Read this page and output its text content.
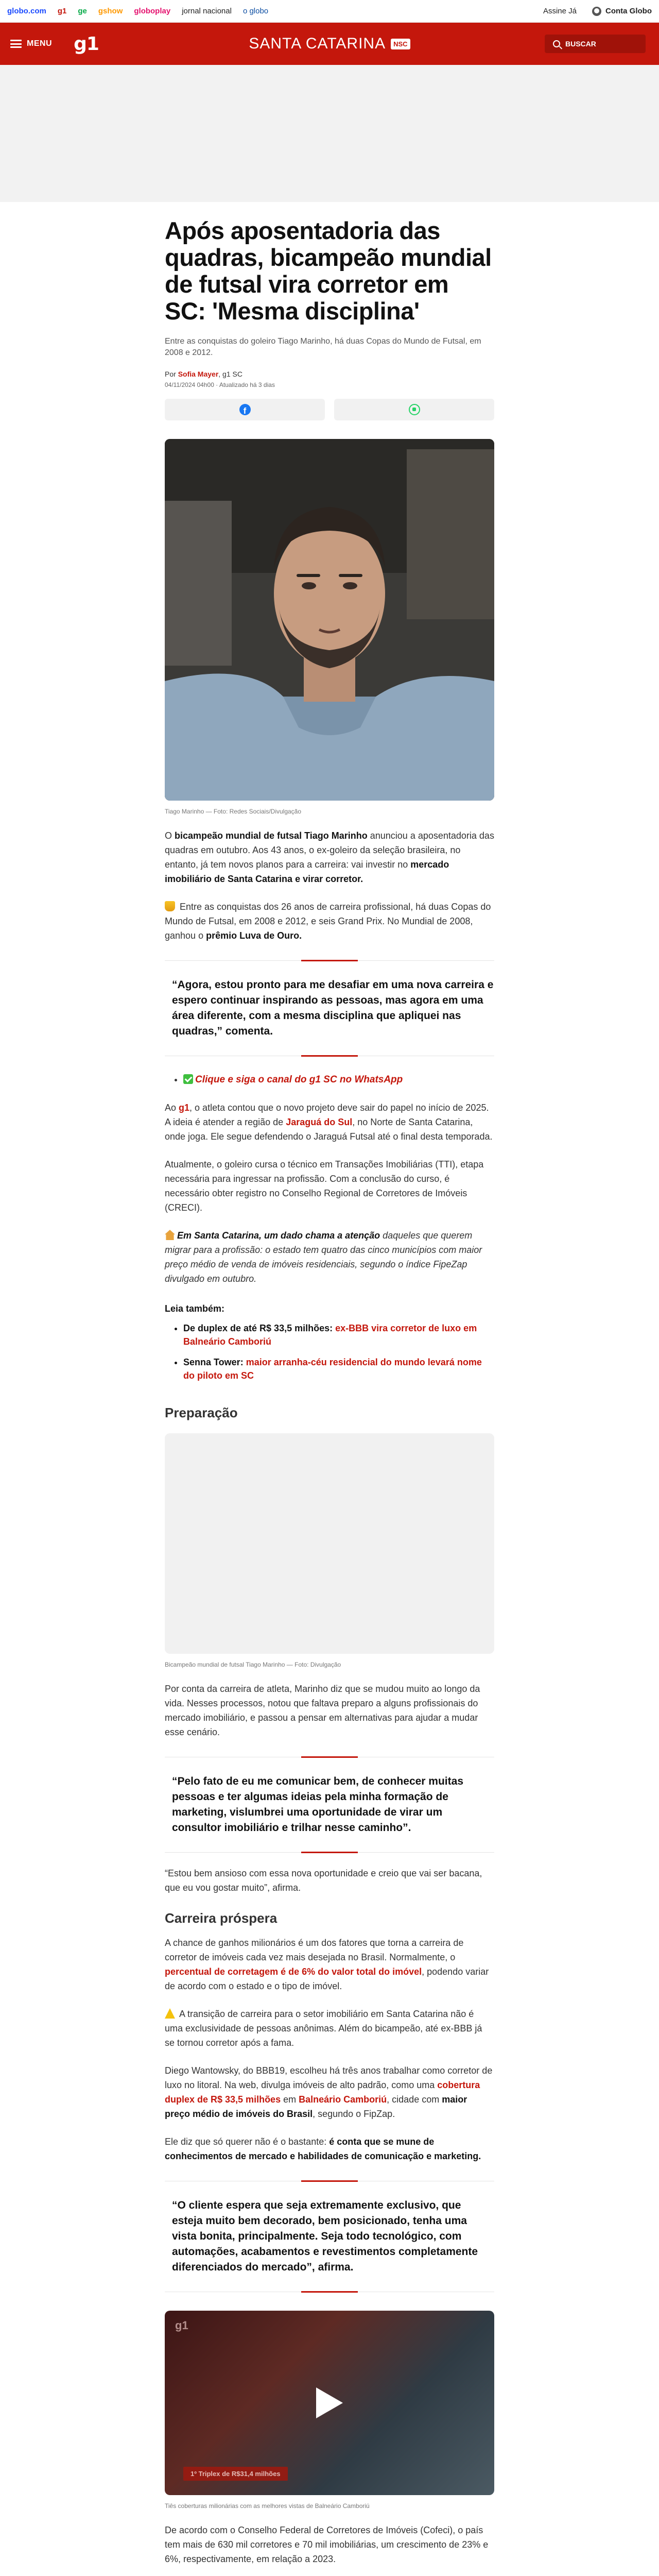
globo.com g1 ge gshow globoplay jornal nacional o globo	Assine Já	Conta Globo
MENU g1	SANTA CATARINA	NSC	BUSCAR
Após aposentadoria das quadras, bicampeão mundial de futsal vira corretor em SC: 'Mesma disciplina'

Entre as conquistas do goleiro Tiago Marinho, há duas Copas do Mundo de Futsal, em 2008 e 2012.

Por Sofia Mayer, g1 SC
04/11/2024 04h00 · Atualizado há 3 dias
f
Tiago Marinho — Foto: Redes Sociais/Divulgação

O bicampeão mundial de futsal Tiago Marinho anunciou a aposentadoria das quadras em outubro. Aos 43 anos, o ex-goleiro da seleção brasileira, no entanto, já tem novos planos para a carreira: vai investir no mercado imobiliário de Santa Catarina e virar corretor.

Entre as conquistas dos 26 anos de carreira profissional, há duas Copas do Mundo de Futsal, em 2008 e 2012, e seis Grand Prix. No Mundial de 2008, ganhou o prêmio Luva de Ouro.

“Agora, estou pronto para me desafiar em uma nova carreira e espero continuar inspirando as pessoas, mas agora em uma área diferente, com a mesma disciplina que apliquei nas quadras,” comenta.

• Clique e siga o canal do g1 SC no WhatsApp

Ao g1, o atleta contou que o novo projeto deve sair do papel no início de 2025. A ideia é atender a região de Jaraguá do Sul, no Norte de Santa Catarina, onde joga. Ele segue defendendo o Jaraguá Futsal até o final desta temporada.

Atualmente, o goleiro cursa o técnico em Transações Imobiliárias (TTI), etapa necessária para ingressar na profissão. Com a conclusão do curso, é necessário obter registro no Conselho Regional de Corretores de Imóveis (CRECI).

Em Santa Catarina, um dado chama a atenção daqueles que querem migrar para a profissão: o estado tem quatro das cinco municípios com maior preço médio de venda de imóveis residenciais, segundo o índice FipeZap divulgado em outubro.

Leia também:
• De duplex de até R$ 33,5 milhões: ex-BBB vira corretor de luxo em Balneário Camboriú
• Senna Tower: maior arranha-céu residencial do mundo levará nome do piloto em SC
Preparação
Bicampeão mundial de futsal Tiago Marinho — Foto: Divulgação

Por conta da carreira de atleta, Marinho diz que se mudou muito ao longo da vida. Nesses processos, notou que faltava preparo a alguns profissionais do mercado imobiliário, e passou a pensar em alternativas para ajudar a mudar esse cenário.

“Pelo fato de eu me comunicar bem, de conhecer muitas pessoas e ter algumas ideias pela minha formação de marketing, vislumbrei uma oportunidade de virar um consultor imobiliário e trilhar nesse caminho”.

“Estou bem ansioso com essa nova oportunidade e creio que vai ser bacana, que eu vou gostar muito”, afirma.

Carreira próspera

A chance de ganhos milionários é um dos fatores que torna a carreira de corretor de imóveis cada vez mais desejada no Brasil. Normalmente, o percentual de corretagem é de 6% do valor total do imóvel, podendo variar de acordo com o estado e o tipo de imóvel.

A transição de carreira para o setor imobiliário em Santa Catarina não é uma exclusividade de pessoas anônimas. Além do bicampeão, até ex-BBB já se tornou corretor após a fama.

Diego Wantowsky, do BBB19, escolheu há três anos trabalhar como corretor de luxo no litoral. Na web, divulga imóveis de alto padrão, como uma cobertura duplex de R$ 33,5 milhões em Balneário Camboriú, cidade com maior preço médio de imóveis do Brasil, segundo o FipZap.

Ele diz que só querer não é o bastante: é conta que se mune de conhecimentos de mercado e habilidades de comunicação e marketing.

“O cliente espera que seja extremamente exclusivo, que esteja muito bem decorado, bem posicionado, tenha uma vista bonita, principalmente. Seja todo tecnológico, com automações, acabamentos e revestimentos completamente diferenciados do mercado”, afirma.

g1
1º Triplex de R$31,4 milhões
Tiês coberturas milionárias com as melhores vistas de Balneário Camboriú

De acordo com o Conselho Federal de Corretores de Imóveis (Cofeci), o país tem mais de 630 mil corretores e 70 mil imobiliárias, um crescimento de 23% e 6%, respectivamente, em relação a 2023.
